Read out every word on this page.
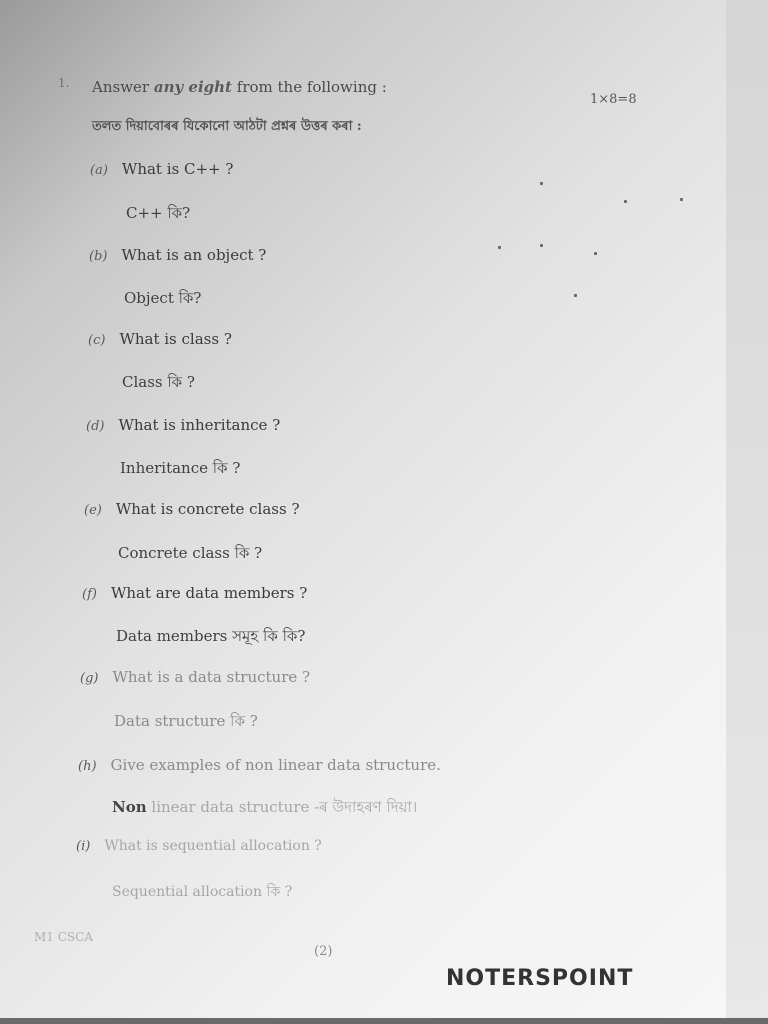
1. Answer any eight from the following :
1×8=8
তলত দিয়াবোৰৰ যিকোনো আঠটা প্ৰশ্নৰ উত্তৰ কৰা :
(a) What is C++ ?
C++ কি?
(b) What is an object ?
Object কি?
(c) What is class ?
Class কি ?
(d) What is inheritance ?
Inheritance কি ?
(e) What is concrete class ?
Concrete class কি ?
(f) What are data members ?
Data members সমূহ কি কি?
(g) What is a data structure ?
Data structure কি ?
(h) Give examples of non linear data structure.
Non linear data structure -ৰ উদাহৰণ দিয়া।
(i) What is sequential allocation ?
Sequential allocation কি ?
M1 CSCA
(2)
NOTERSPOINT
